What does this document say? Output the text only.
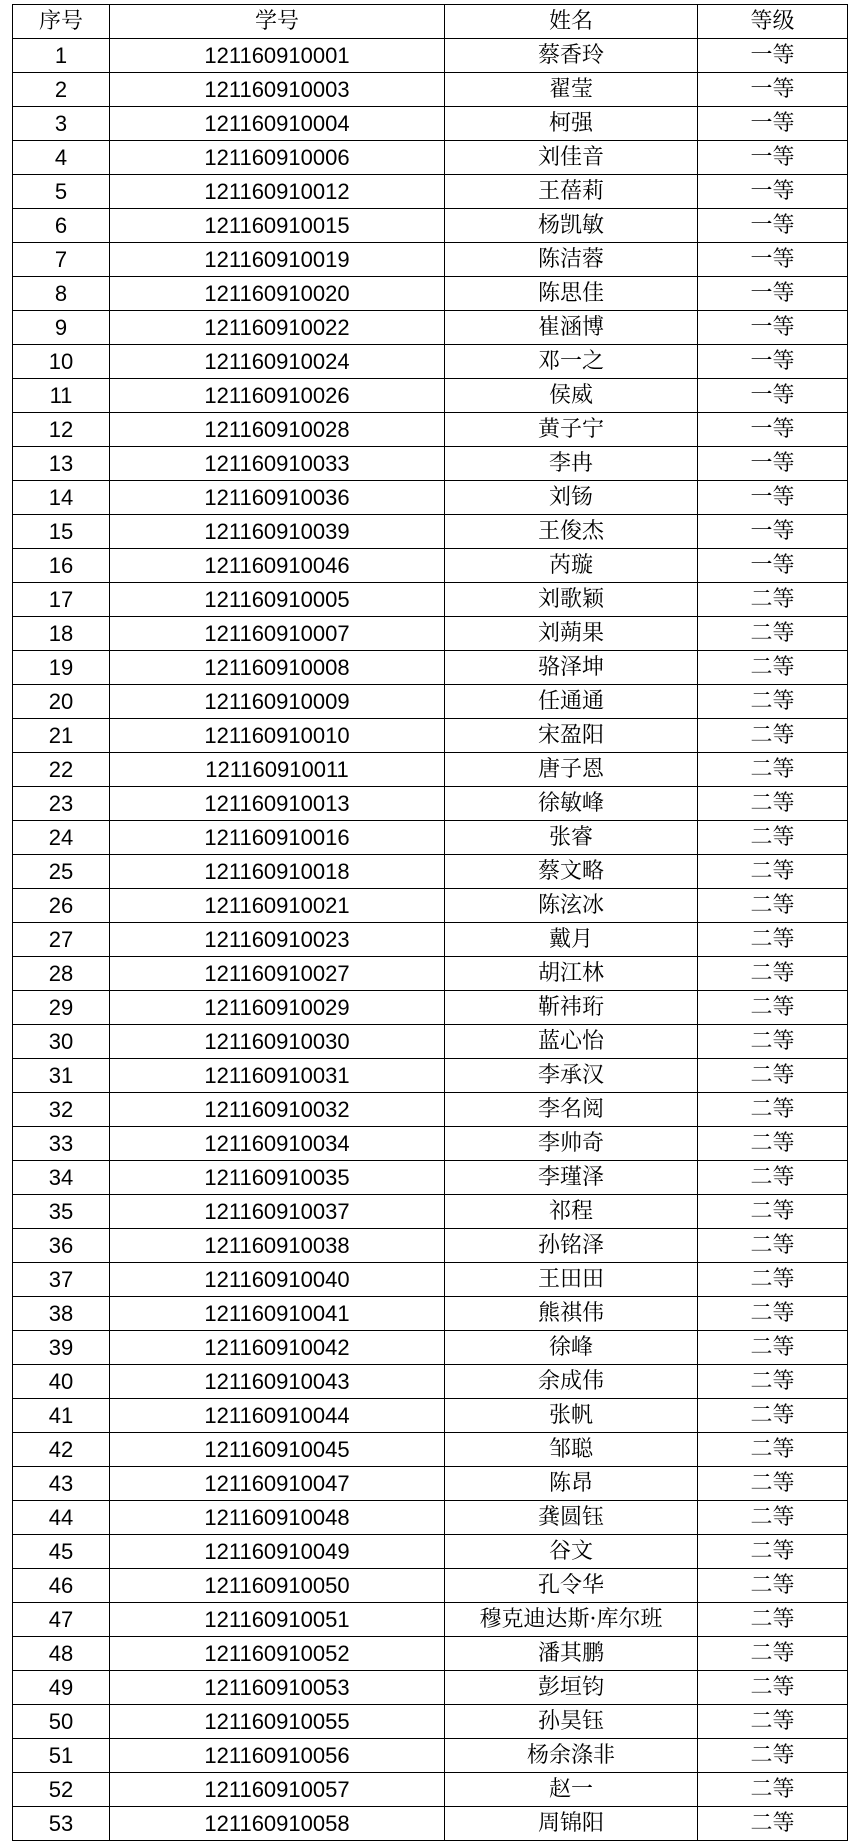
序号	学号	姓名	等级
1	121160910001	蔡香玲	一等
2	121160910003	翟莹	一等
3	121160910004	柯强	一等
4	121160910006	刘佳音	一等
5	121160910012	王蓓莉	一等
6	121160910015	杨凯敏	一等
7	121160910019	陈洁蓉	一等
8	121160910020	陈思佳	一等
9	121160910022	崔涵博	一等
10	121160910024	邓一之	一等
11	121160910026	侯威	一等
12	121160910028	黄子宁	一等
13	121160910033	李冉	一等
14	121160910036	刘钖	一等
15	121160910039	王俊杰	一等
16	121160910046	芮璇	一等
17	121160910005	刘歌颖	二等
18	121160910007	刘蒴果	二等
19	121160910008	骆泽坤	二等
20	121160910009	任通通	二等
21	121160910010	宋盈阳	二等
22	121160910011	唐子恩	二等
23	121160910013	徐敏峰	二等
24	121160910016	张睿	二等
25	121160910018	蔡文略	二等
26	121160910021	陈泫冰	二等
27	121160910023	戴月	二等
28	121160910027	胡江林	二等
29	121160910029	靳祎珩	二等
30	121160910030	蓝心怡	二等
31	121160910031	李承汉	二等
32	121160910032	李名阅	二等
33	121160910034	李帅奇	二等
34	121160910035	李瑾泽	二等
35	121160910037	祁程	二等
36	121160910038	孙铭泽	二等
37	121160910040	王田田	二等
38	121160910041	熊祺伟	二等
39	121160910042	徐峰	二等
40	121160910043	余成伟	二等
41	121160910044	张帆	二等
42	121160910045	邹聪	二等
43	121160910047	陈昂	二等
44	121160910048	龚圆钰	二等
45	121160910049	谷文	二等
46	121160910050	孔令华	二等
47	121160910051	穆克迪达斯·库尔班	二等
48	121160910052	潘其鹏	二等
49	121160910053	彭垣钧	二等
50	121160910055	孙昊钰	二等
51	121160910056	杨余涤非	二等
52	121160910057	赵一	二等
53	121160910058	周锦阳	二等
